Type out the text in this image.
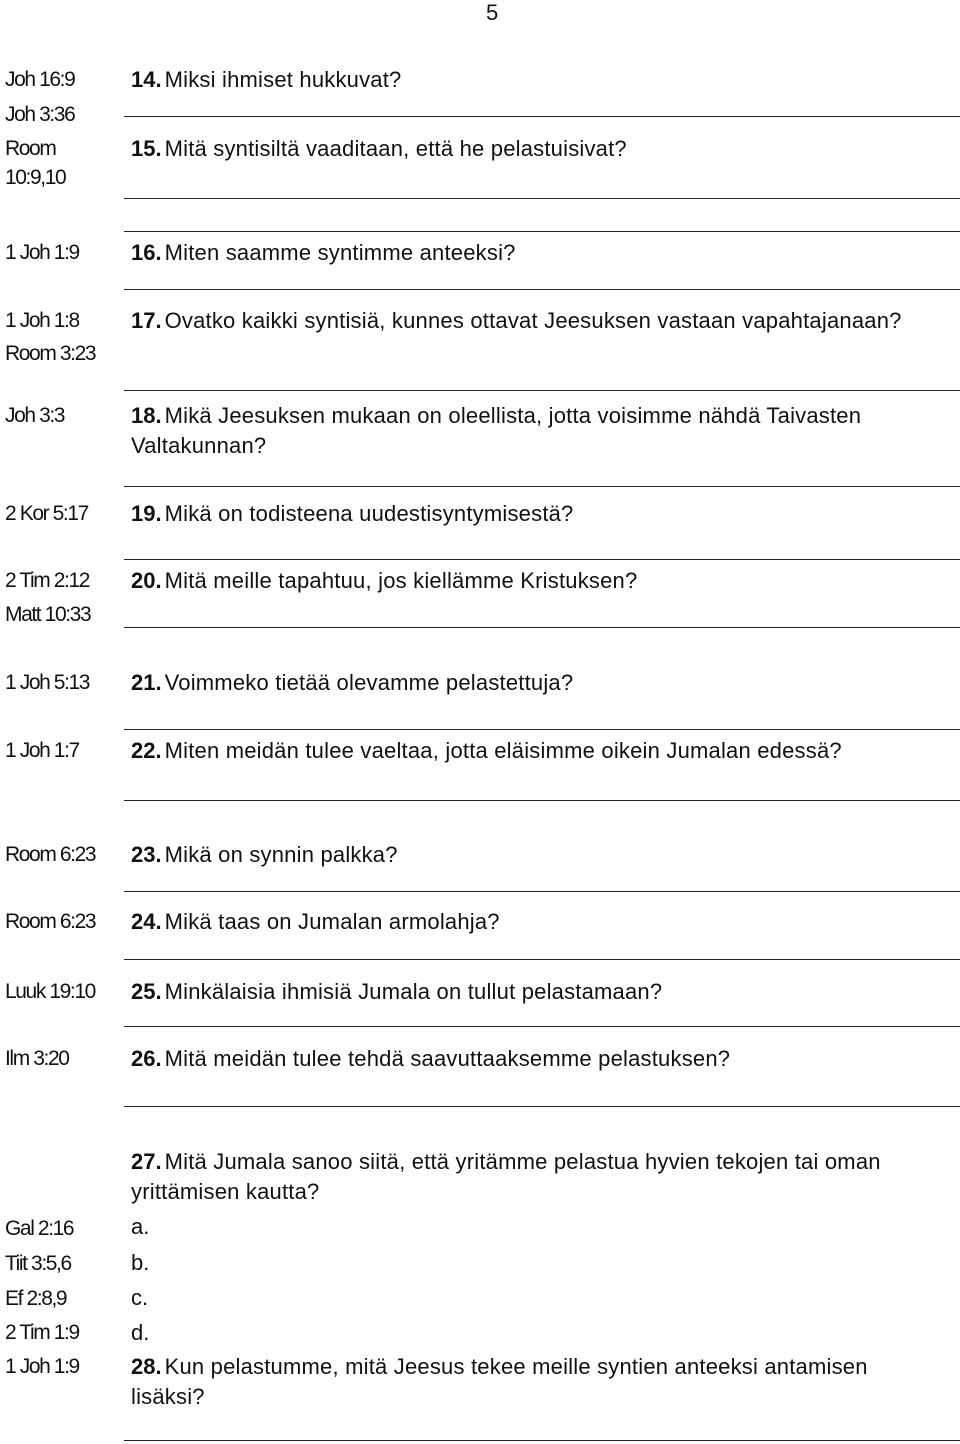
5
Joh 16:9
Joh 3:36
Room
10:9,10
1 Joh 1:9
1 Joh 1:8
Room 3:23
Joh 3:3
2 Kor 5:17
2 Tim 2:12
Matt 10:33
1 Joh 5:13
1 Joh 1:7
Room 6:23
Room 6:23
Luuk 19:10
Ilm 3:20
Gal 2:16
Tiit 3:5,6
Ef 2:8,9
2 Tim 1:9
1 Joh 1:9
14. Miksi ihmiset hukkuvat?
15. Mitä syntisiltä vaaditaan, että he pelastuisivat?
16. Miten saamme syntimme anteeksi?
17. Ovatko kaikki syntisiä, kunnes ottavat Jeesuksen vastaan vapahtajanaan?
18. Mikä Jeesuksen mukaan on oleellista, jotta voisimme nähdä Taivasten Valtakunnan?
19. Mikä on todisteena uudestisyntymisestä?
20. Mitä meille tapahtuu, jos kiellämme Kristuksen?
21. Voimmeko tietää olevamme pelastettuja?
22. Miten meidän tulee vaeltaa, jotta eläisimme oikein Jumalan edessä?
23. Mikä on synnin palkka?
24. Mikä taas on Jumalan armolahja?
25. Minkälaisia ihmisiä Jumala on tullut pelastamaan?
26. Mitä meidän tulee tehdä saavuttaaksemme pelastuksen?
27. Mitä Jumala sanoo siitä, että yritämme pelastua hyvien tekojen tai oman yrittämisen kautta?
a.
b.
c.
d.
28. Kun pelastumme, mitä Jeesus tekee meille syntien anteeksi antamisen lisäksi?
